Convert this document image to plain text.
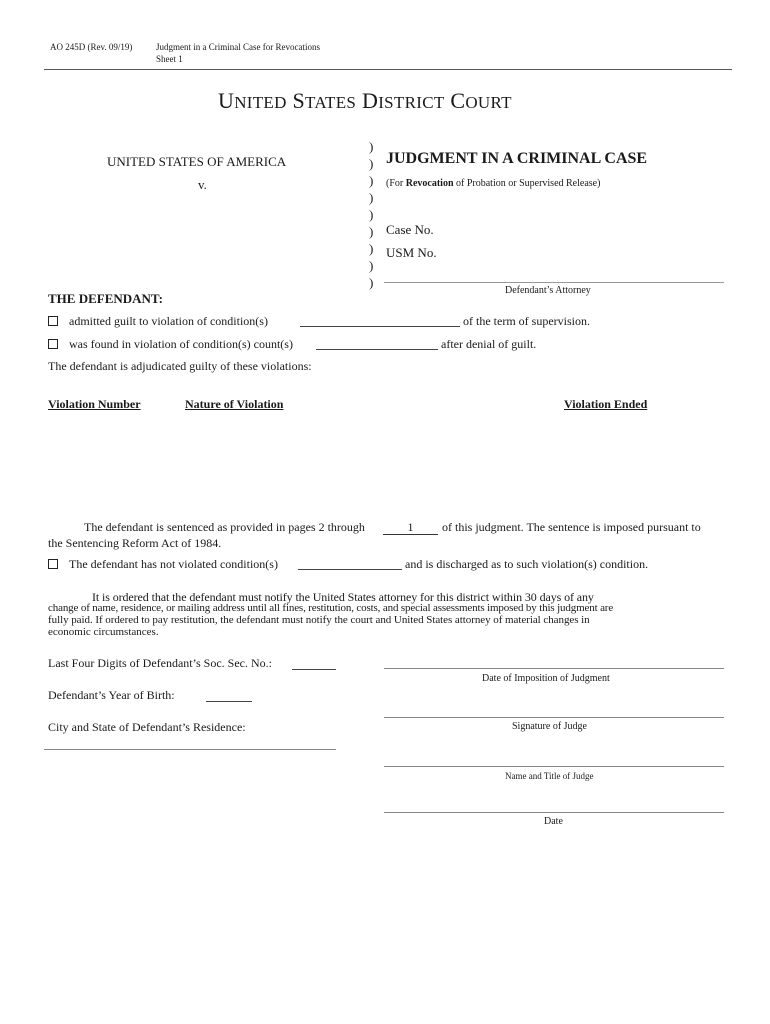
AO 245D (Rev. 09/19)	Judgment in a Criminal Case for Revocations
Sheet 1
UNITED STATES DISTRICT COURT
UNITED STATES OF AMERICA
v.
)
)
)
)
)
)
)
)
)
JUDGMENT IN A CRIMINAL CASE
(For Revocation of Probation or Supervised Release)
Case No.
USM No.
Defendant’s Attorney
THE DEFENDANT:
admitted guilt to violation of condition(s)	of the term of supervision.
was found in violation of condition(s) count(s)	after denial of guilt.
The defendant is adjudicated guilty of these violations:
Violation Number	Nature of Violation	Violation Ended
The defendant is sentenced as provided in pages 2 through	1	of this judgment. The sentence is imposed pursuant to
the Sentencing Reform Act of 1984.
The defendant has not violated condition(s)	and is discharged as to such violation(s) condition.
It is ordered that the defendant must notify the United States attorney for this district within 30 days of any
change of name, residence, or mailing address until all fines, restitution, costs, and special assessments imposed by this judgment are
fully paid. If ordered to pay restitution, the defendant must notify the court and United States attorney of material changes in
economic circumstances.
Last Four Digits of Defendant’s Soc. Sec. No.:
Defendant’s Year of Birth:
City and State of Defendant’s Residence:
Date of Imposition of Judgment
Signature of Judge
Name and Title of Judge
Date
